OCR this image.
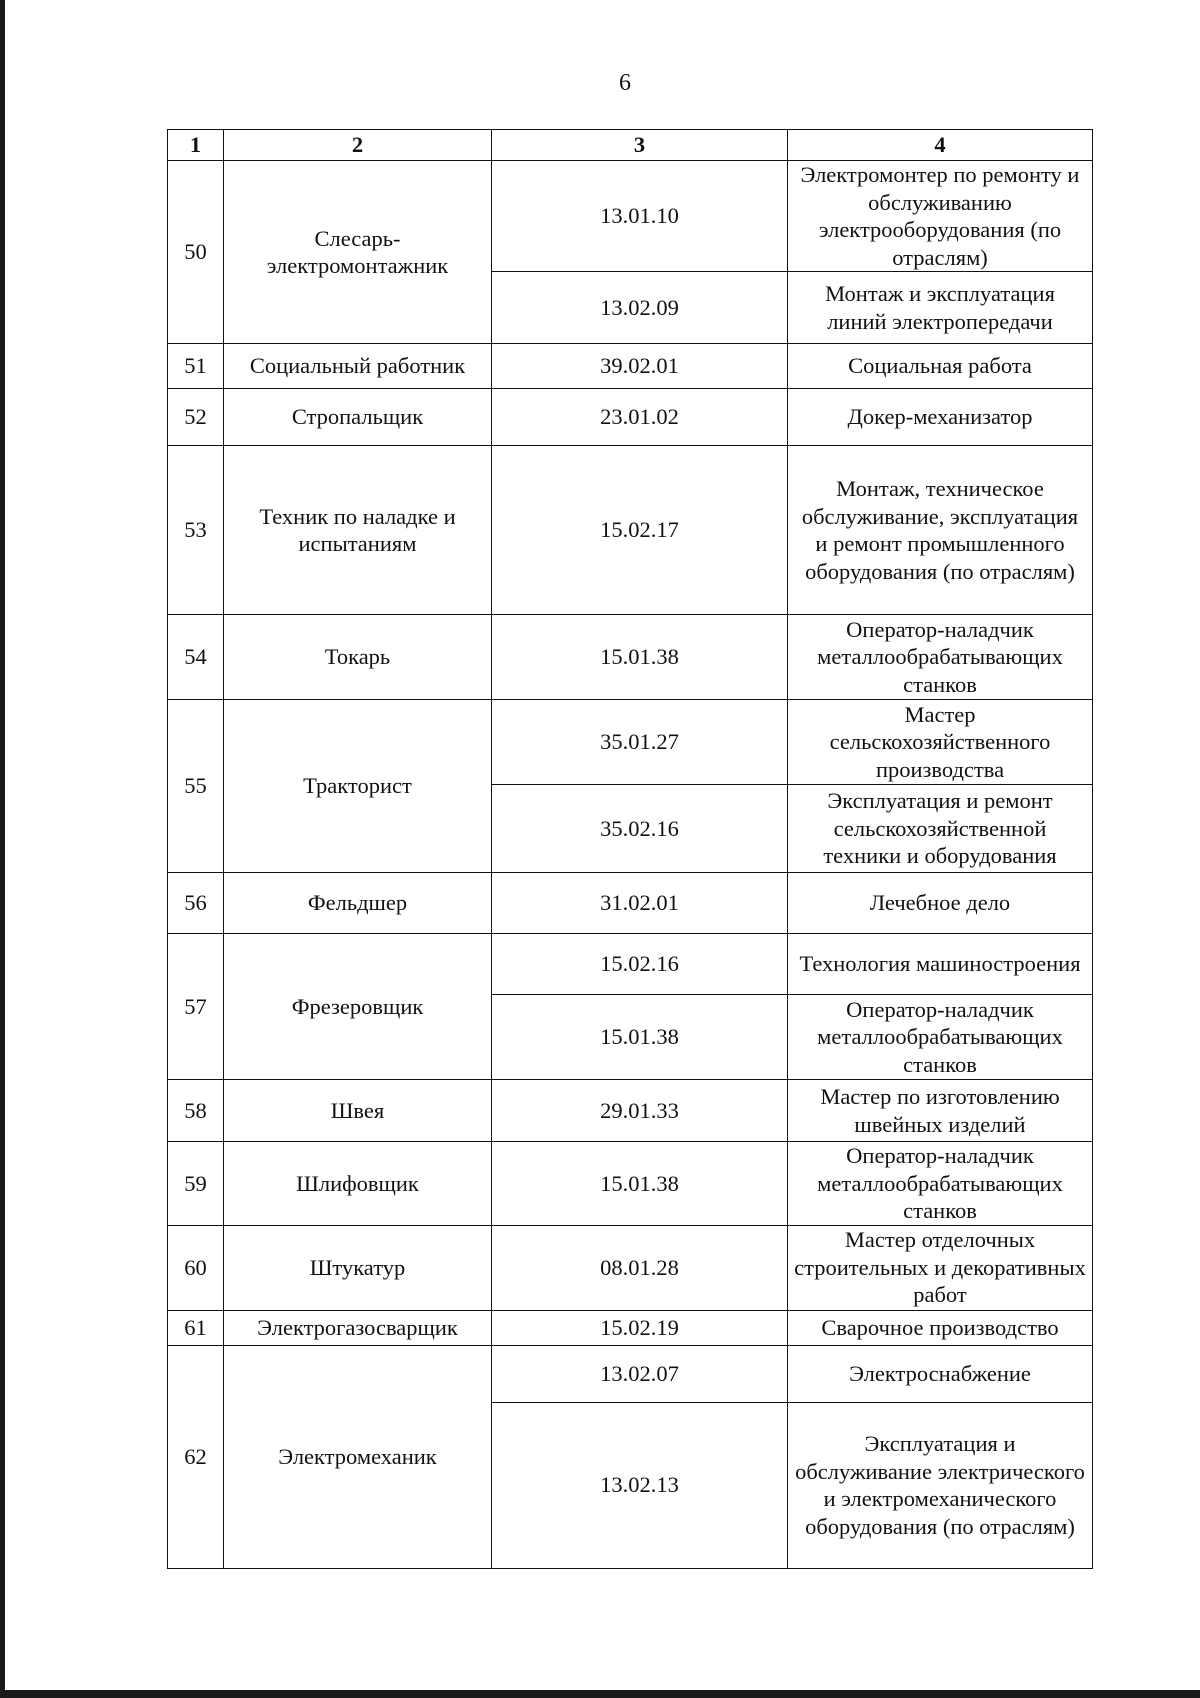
6
1	2	3	4
50	Слесарь-электромонтажник	13.01.10	Электромонтер по ремонту и обслуживанию электрооборудования (по отраслям)
		13.02.09	Монтаж и эксплуатация линий электропередачи
51	Социальный работник	39.02.01	Социальная работа
52	Стропальщик	23.01.02	Докер-механизатор
53	Техник по наладке и испытаниям	15.02.17	Монтаж, техническое обслуживание, эксплуатация и ремонт промышленного оборудования (по отраслям)
54	Токарь	15.01.38	Оператор-наладчик металлообрабатывающих станков
55	Тракторист	35.01.27	Мастер сельскохозяйственного производства
		35.02.16	Эксплуатация и ремонт сельскохозяйственной техники и оборудования
56	Фельдшер	31.02.01	Лечебное дело
57	Фрезеровщик	15.02.16	Технология машиностроения
		15.01.38	Оператор-наладчик металлообрабатывающих станков
58	Швея	29.01.33	Мастер по изготовлению швейных изделий
59	Шлифовщик	15.01.38	Оператор-наладчик металлообрабатывающих станков
60	Штукатур	08.01.28	Мастер отделочных строительных и декоративных работ
61	Электрогазосварщик	15.02.19	Сварочное производство
62	Электромеханик	13.02.07	Электроснабжение
		13.02.13	Эксплуатация и обслуживание электрического и электромеханического оборудования (по отраслям)
